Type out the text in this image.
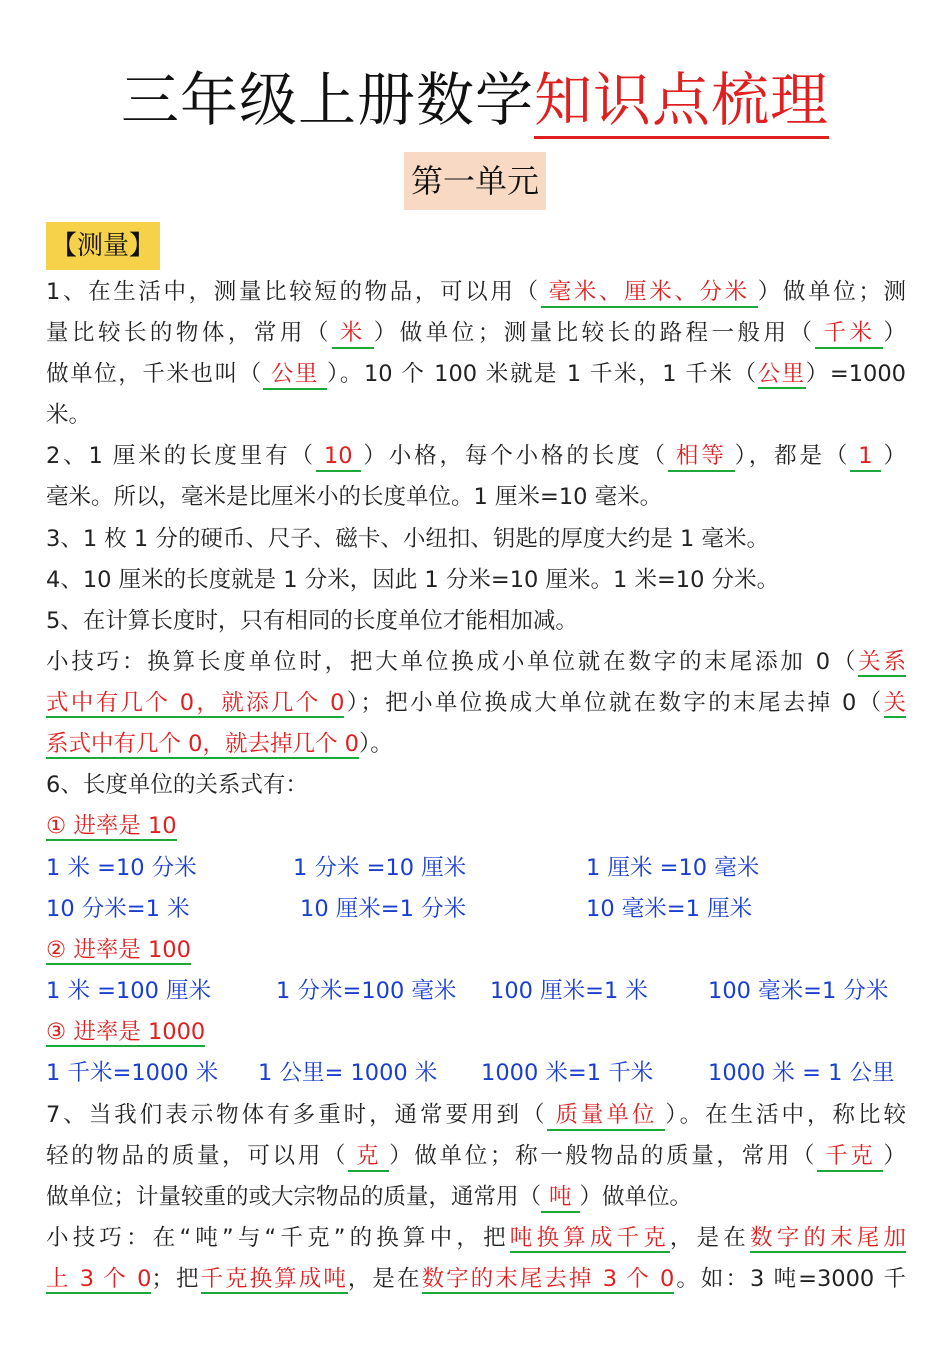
三年级上册数学知识点梳理
第一单元
【测量】
1、在生活中，测量比较短的物品，可以用（ 毫米、厘米、分米 ）做单位；测
量比较长的物体，常用（ 米 ）做单位；测量比较长的路程一般用（ 千米 ）
做单位，千米也叫（ 公里 ）。10 个 100 米就是 1 千米，1 千米（公里）=1000
米。
2、1 厘米的长度里有（ 10 ）小格，每个小格的长度（ 相等 ），都是（ 1 ）
毫米。所以，毫米是比厘米小的长度单位。1 厘米=10 毫米。
3、1 枚 1 分的硬币、尺子、磁卡、小纽扣、钥匙的厚度大约是 1 毫米。
4、10 厘米的长度就是 1 分米，因此 1 分米=10 厘米。1 米=10 分米。
5、在计算长度时，只有相同的长度单位才能相加减。
小技巧：换算长度单位时，把大单位换成小单位就在数字的末尾添加 0（关系
式中有几个 0，就添几个 0）；把小单位换成大单位就在数字的末尾去掉 0（关
系式中有几个 0，就去掉几个 0）。
6、长度单位的关系式有：
① 进率是 10
1 米 =10 分米	1 分米 =10 厘米	1 厘米 =10 毫米
10 分米=1 米	10 厘米=1 分米	10 毫米=1 厘米
② 进率是 100
1 米 =100 厘米	1 分米=100 毫米 100 厘米=1 米	100 毫米=1 分米
③ 进率是 1000
1 千米=1000 米 1 公里= 1000 米 1000 米=1 千米 1000 米 = 1 公里
7、当我们表示物体有多重时，通常要用到（ 质量单位 ）。在生活中，称比较
轻的物品的质量，可以用（ 克 ）做单位；称一般物品的质量，常用（ 千克 ）
做单位；计量较重的或大宗物品的质量，通常用（ 吨 ）做单位。
小技巧：在“吨”与“千克”的换算中，把吨换算成千克，是在数字的末尾加
上 3 个 0；把千克换算成吨，是在数字的末尾去掉 3 个 0。如：3 吨=3000 千
